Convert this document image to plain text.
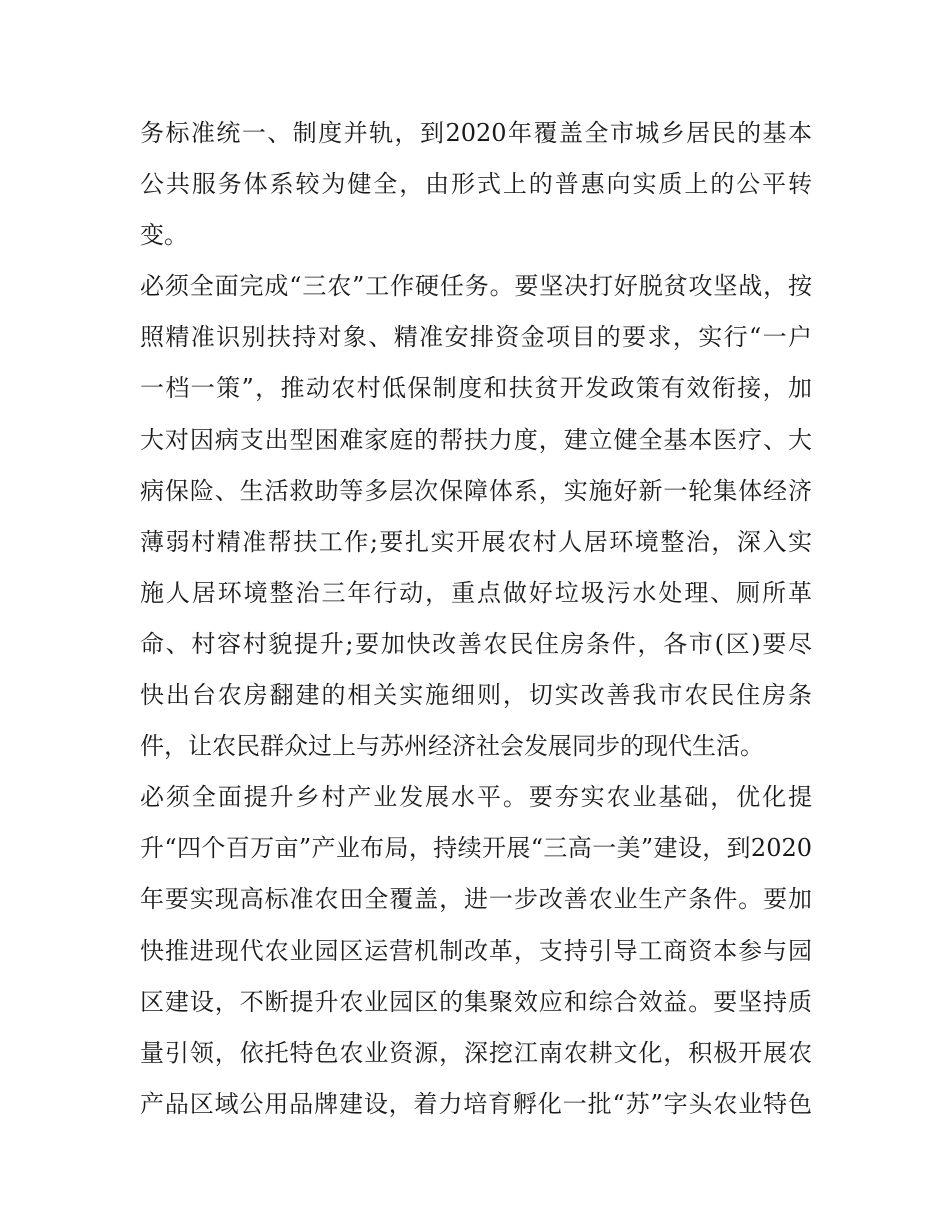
务标准统一、制度并轨，到2020年覆盖全市城乡居民的基本
公共服务体系较为健全，由形式上的普惠向实质上的公平转
变。
必须全面完成“三农”工作硬任务。要坚决打好脱贫攻坚战，按
照精准识别扶持对象、精准安排资金项目的要求，实行“一户
一档一策”，推动农村低保制度和扶贫开发政策有效衔接，加
大对因病支出型困难家庭的帮扶力度，建立健全基本医疗、大
病保险、生活救助等多层次保障体系，实施好新一轮集体经济
薄弱村精准帮扶工作;要扎实开展农村人居环境整治，深入实
施人居环境整治三年行动，重点做好垃圾污水处理、厕所革
命、村容村貌提升;要加快改善农民住房条件，各市(区)要尽
快出台农房翻建的相关实施细则，切实改善我市农民住房条
件，让农民群众过上与苏州经济社会发展同步的现代生活。
必须全面提升乡村产业发展水平。要夯实农业基础，优化提
升“四个百万亩”产业布局，持续开展“三高一美”建设，到2020
年要实现高标准农田全覆盖，进一步改善农业生产条件。要加
快推进现代农业园区运营机制改革，支持引导工商资本参与园
区建设，不断提升农业园区的集聚效应和综合效益。要坚持质
量引领，依托特色农业资源，深挖江南农耕文化，积极开展农
产品区域公用品牌建设，着力培育孵化一批“苏”字头农业特色
